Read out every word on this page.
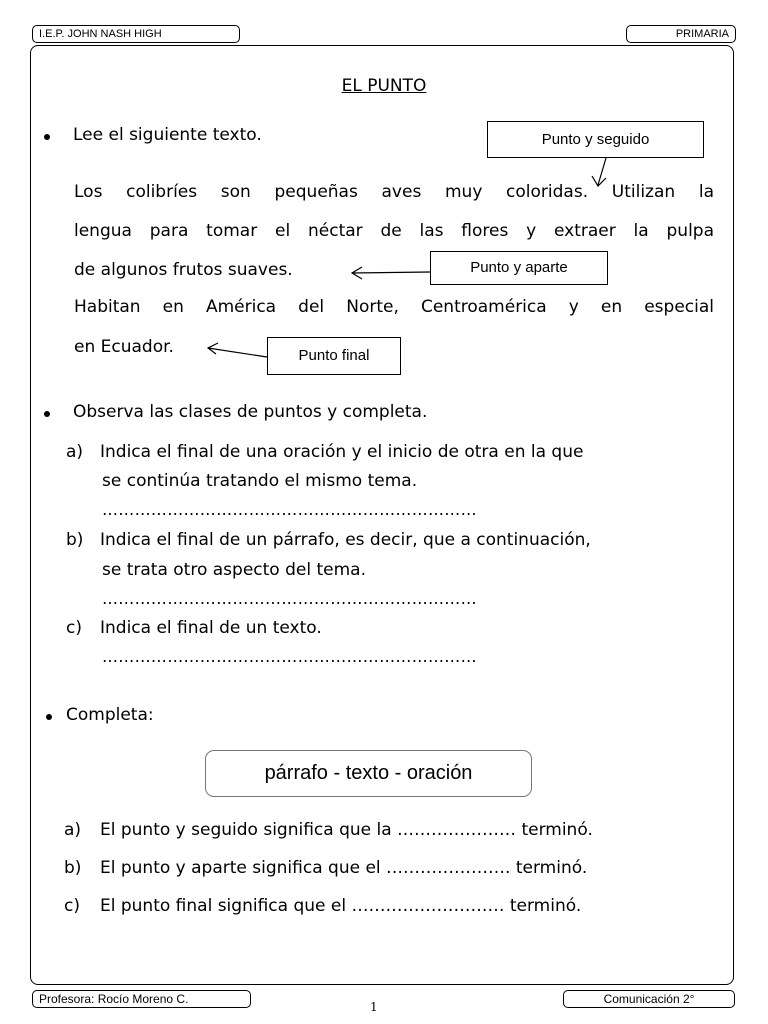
I.E.P. JOHN NASH HIGH	PRIMARIA
EL PUNTO
Lee el siguiente texto.
Los colibríes son pequeñas aves muy coloridas. Utilizan la
lengua para tomar el néctar de las flores y extraer la pulpa
de algunos frutos suaves.
Habitan en América del Norte, Centroamérica y en especial
en Ecuador.
Punto y seguido
Punto y aparte
Punto final
Observa las clases de puntos y completa.
a) Indica el final de una oración y el inicio de otra en la que
se continúa tratando el mismo tema.
……………………………………………………………
b) Indica el final de un párrafo, es decir, que a continuación,
se trata otro aspecto del tema.
……………………………………………………………
c) Indica el final de un texto.
……………………………………………………………
Completa:
párrafo - texto - oración
a) El punto y seguido significa que la ………………… terminó.
b) El punto y aparte significa que el …………………. terminó.
c) El punto final significa que el ……………………… terminó.
Profesora: Rocío Moreno C.
1
Comunicación 2°
